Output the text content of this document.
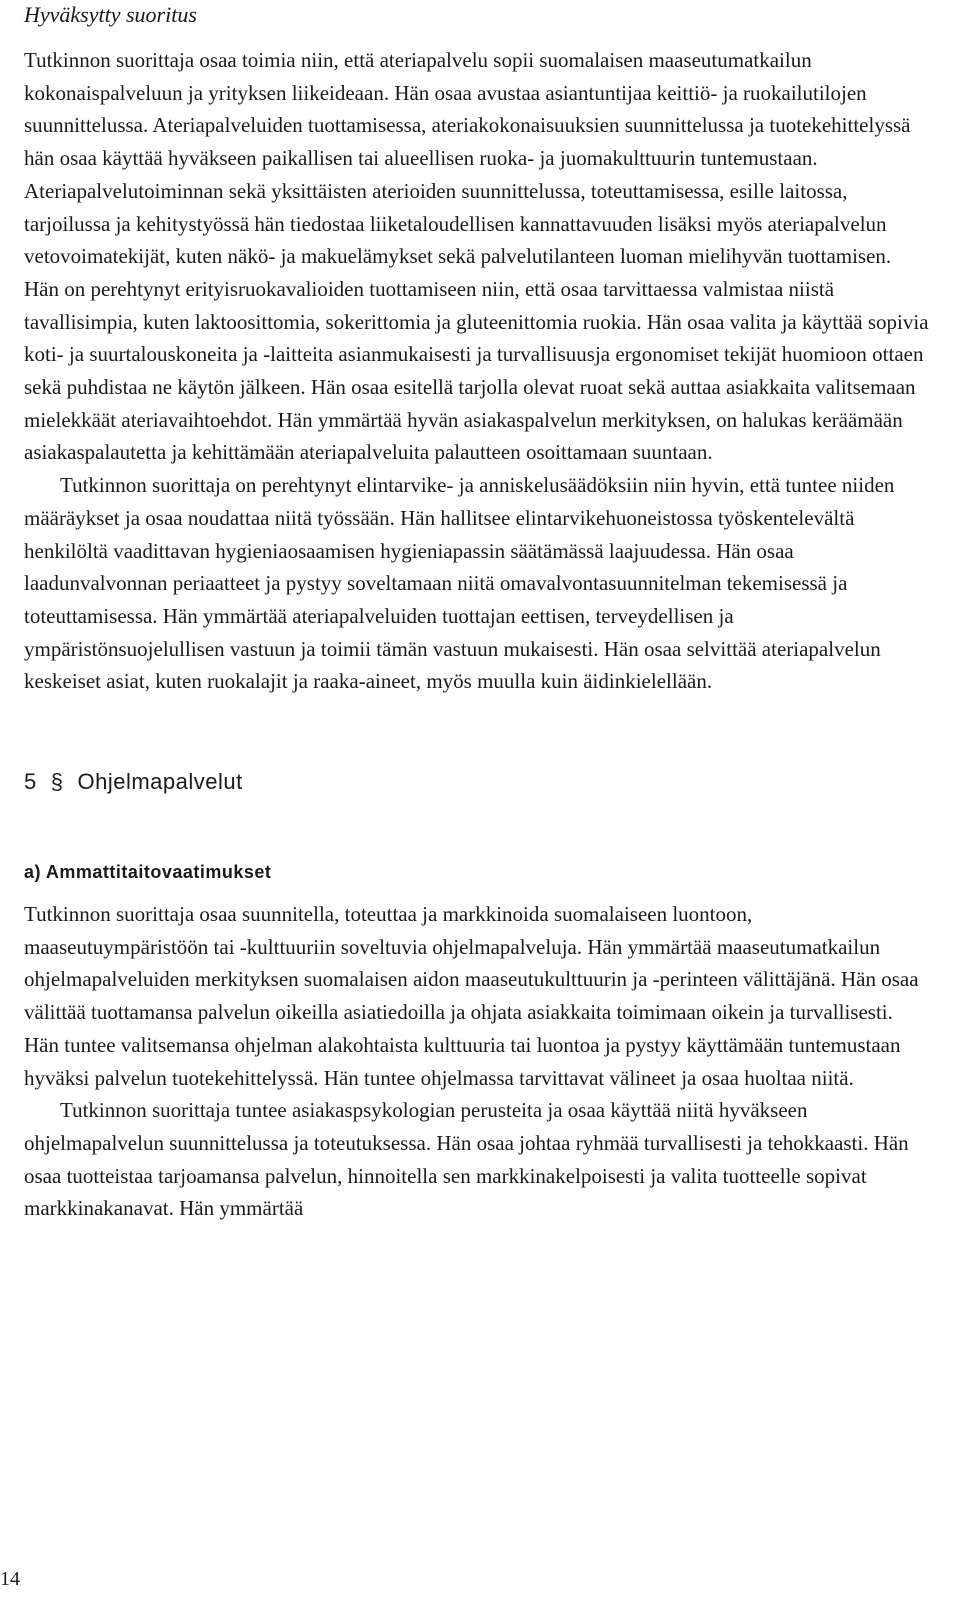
Hyväksytty suoritus

Tutkinnon suorittaja osaa toimia niin, että ateriapalvelu sopii suomalaisen maaseutumatkailun kokonaispalveluun ja yrityksen liikeideaan. Hän osaa avustaa asiantuntijaa keittiö- ja ruokailutilojen suunnittelussa. Ateriapalveluiden tuottamisessa, ateriakokonaisuuksien suunnittelussa ja tuotekehittelyssä hän osaa käyttää hyväkseen paikallisen tai alueellisen ruoka- ja juomakulttuurin tuntemustaan. Ateriapalvelutoiminnan sekä yksittäisten aterioiden suunnittelussa, toteuttamisessa, esille laitossa, tarjoilussa ja kehitystyössä hän tiedostaa liiketaloudellisen kannattavuuden lisäksi myös ateriapalvelun vetovoimatekijät, kuten näkö- ja makuelämykset sekä palvelutilanteen luoman mielihyvän tuottamisen. Hän on perehtynyt erityisruokavalioiden tuottamiseen niin, että osaa tarvittaessa valmistaa niistä tavallisimpia, kuten laktoosittomia, sokerittomia ja gluteenittomia ruokia. Hän osaa valita ja käyttää sopivia koti- ja suurtalouskoneita ja -laitteita asianmukaisesti ja turvallisuusja ergonomiset tekijät huomioon ottaen sekä puhdistaa ne käytön jälkeen. Hän osaa esitellä tarjolla olevat ruoat sekä auttaa asiakkaita valitsemaan mielekkäät ateriavaihtoehdot. Hän ymmärtää hyvän asiakaspalvelun merkityksen, on halukas keräämään asiakaspalautetta ja kehittämään ateriapalveluita palautteen osoittamaan suuntaan.

Tutkinnon suorittaja on perehtynyt elintarvike- ja anniskelusäädöksiin niin hyvin, että tuntee niiden määräykset ja osaa noudattaa niitä työssään. Hän hallitsee elintarvikehuoneistossa työskentelevältä henkilöltä vaadittavan hygieniaosaamisen hygieniapassin säätämässä laajuudessa. Hän osaa laadunvalvonnan periaatteet ja pystyy soveltamaan niitä omavalvontasuunnitelman tekemisessä ja toteuttamisessa. Hän ymmärtää ateriapalveluiden tuottajan eettisen, terveydellisen ja ympäristönsuojelullisen vastuun ja toimii tämän vastuun mukaisesti. Hän osaa selvittää ateriapalvelun keskeiset asiat, kuten ruokalajit ja raaka-aineet, myös muulla kuin äidinkielellään.

5 § Ohjelmapalvelut
a) Ammattitaitovaatimukset

Tutkinnon suorittaja osaa suunnitella, toteuttaa ja markkinoida suomalaiseen luontoon, maaseutuympäristöön tai -kulttuuriin soveltuvia ohjelmapalveluja. Hän ymmärtää maaseutumatkailun ohjelmapalveluiden merkityksen suomalaisen aidon maaseutukulttuurin ja -perinteen välittäjänä. Hän osaa välittää tuottamansa palvelun oikeilla asiatiedoilla ja ohjata asiakkaita toimimaan oikein ja turvallisesti. Hän tuntee valitsemansa ohjelman alakohtaista kulttuuria tai luontoa ja pystyy käyttämään tuntemustaan hyväksi palvelun tuotekehittelyssä. Hän tuntee ohjelmassa tarvittavat välineet ja osaa huoltaa niitä.

Tutkinnon suorittaja tuntee asiakaspsykologian perusteita ja osaa käyttää niitä hyväkseen ohjelmapalvelun suunnittelussa ja toteutuksessa. Hän osaa johtaa ryhmää turvallisesti ja tehokkaasti. Hän osaa tuotteistaa tarjoamansa palvelun, hinnoitella sen markkinakelpoisesti ja valita tuotteelle sopivat markkinakanavat. Hän ymmärtää

14
